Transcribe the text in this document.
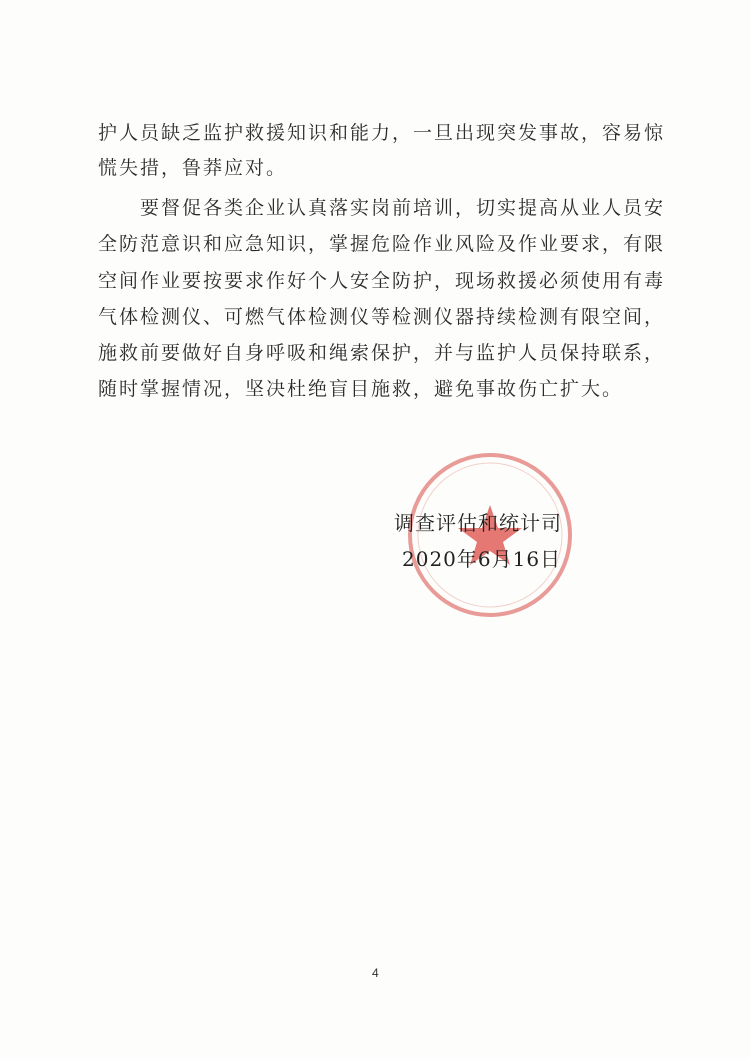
护人员缺乏监护救援知识和能力，一旦出现突发事故，容易惊
慌失措，鲁莽应对。
要督促各类企业认真落实岗前培训，切实提高从业人员安
全防范意识和应急知识，掌握危险作业风险及作业要求，有限
空间作业要按要求作好个人安全防护，现场救援必须使用有毒
气体检测仪、可燃气体检测仪等检测仪器持续检测有限空间，
施救前要做好自身呼吸和绳索保护，并与监护人员保持联系，
随时掌握情况，坚决杜绝盲目施救，避免事故伤亡扩大。
调查评估和统计司
2020年6月16日
4
